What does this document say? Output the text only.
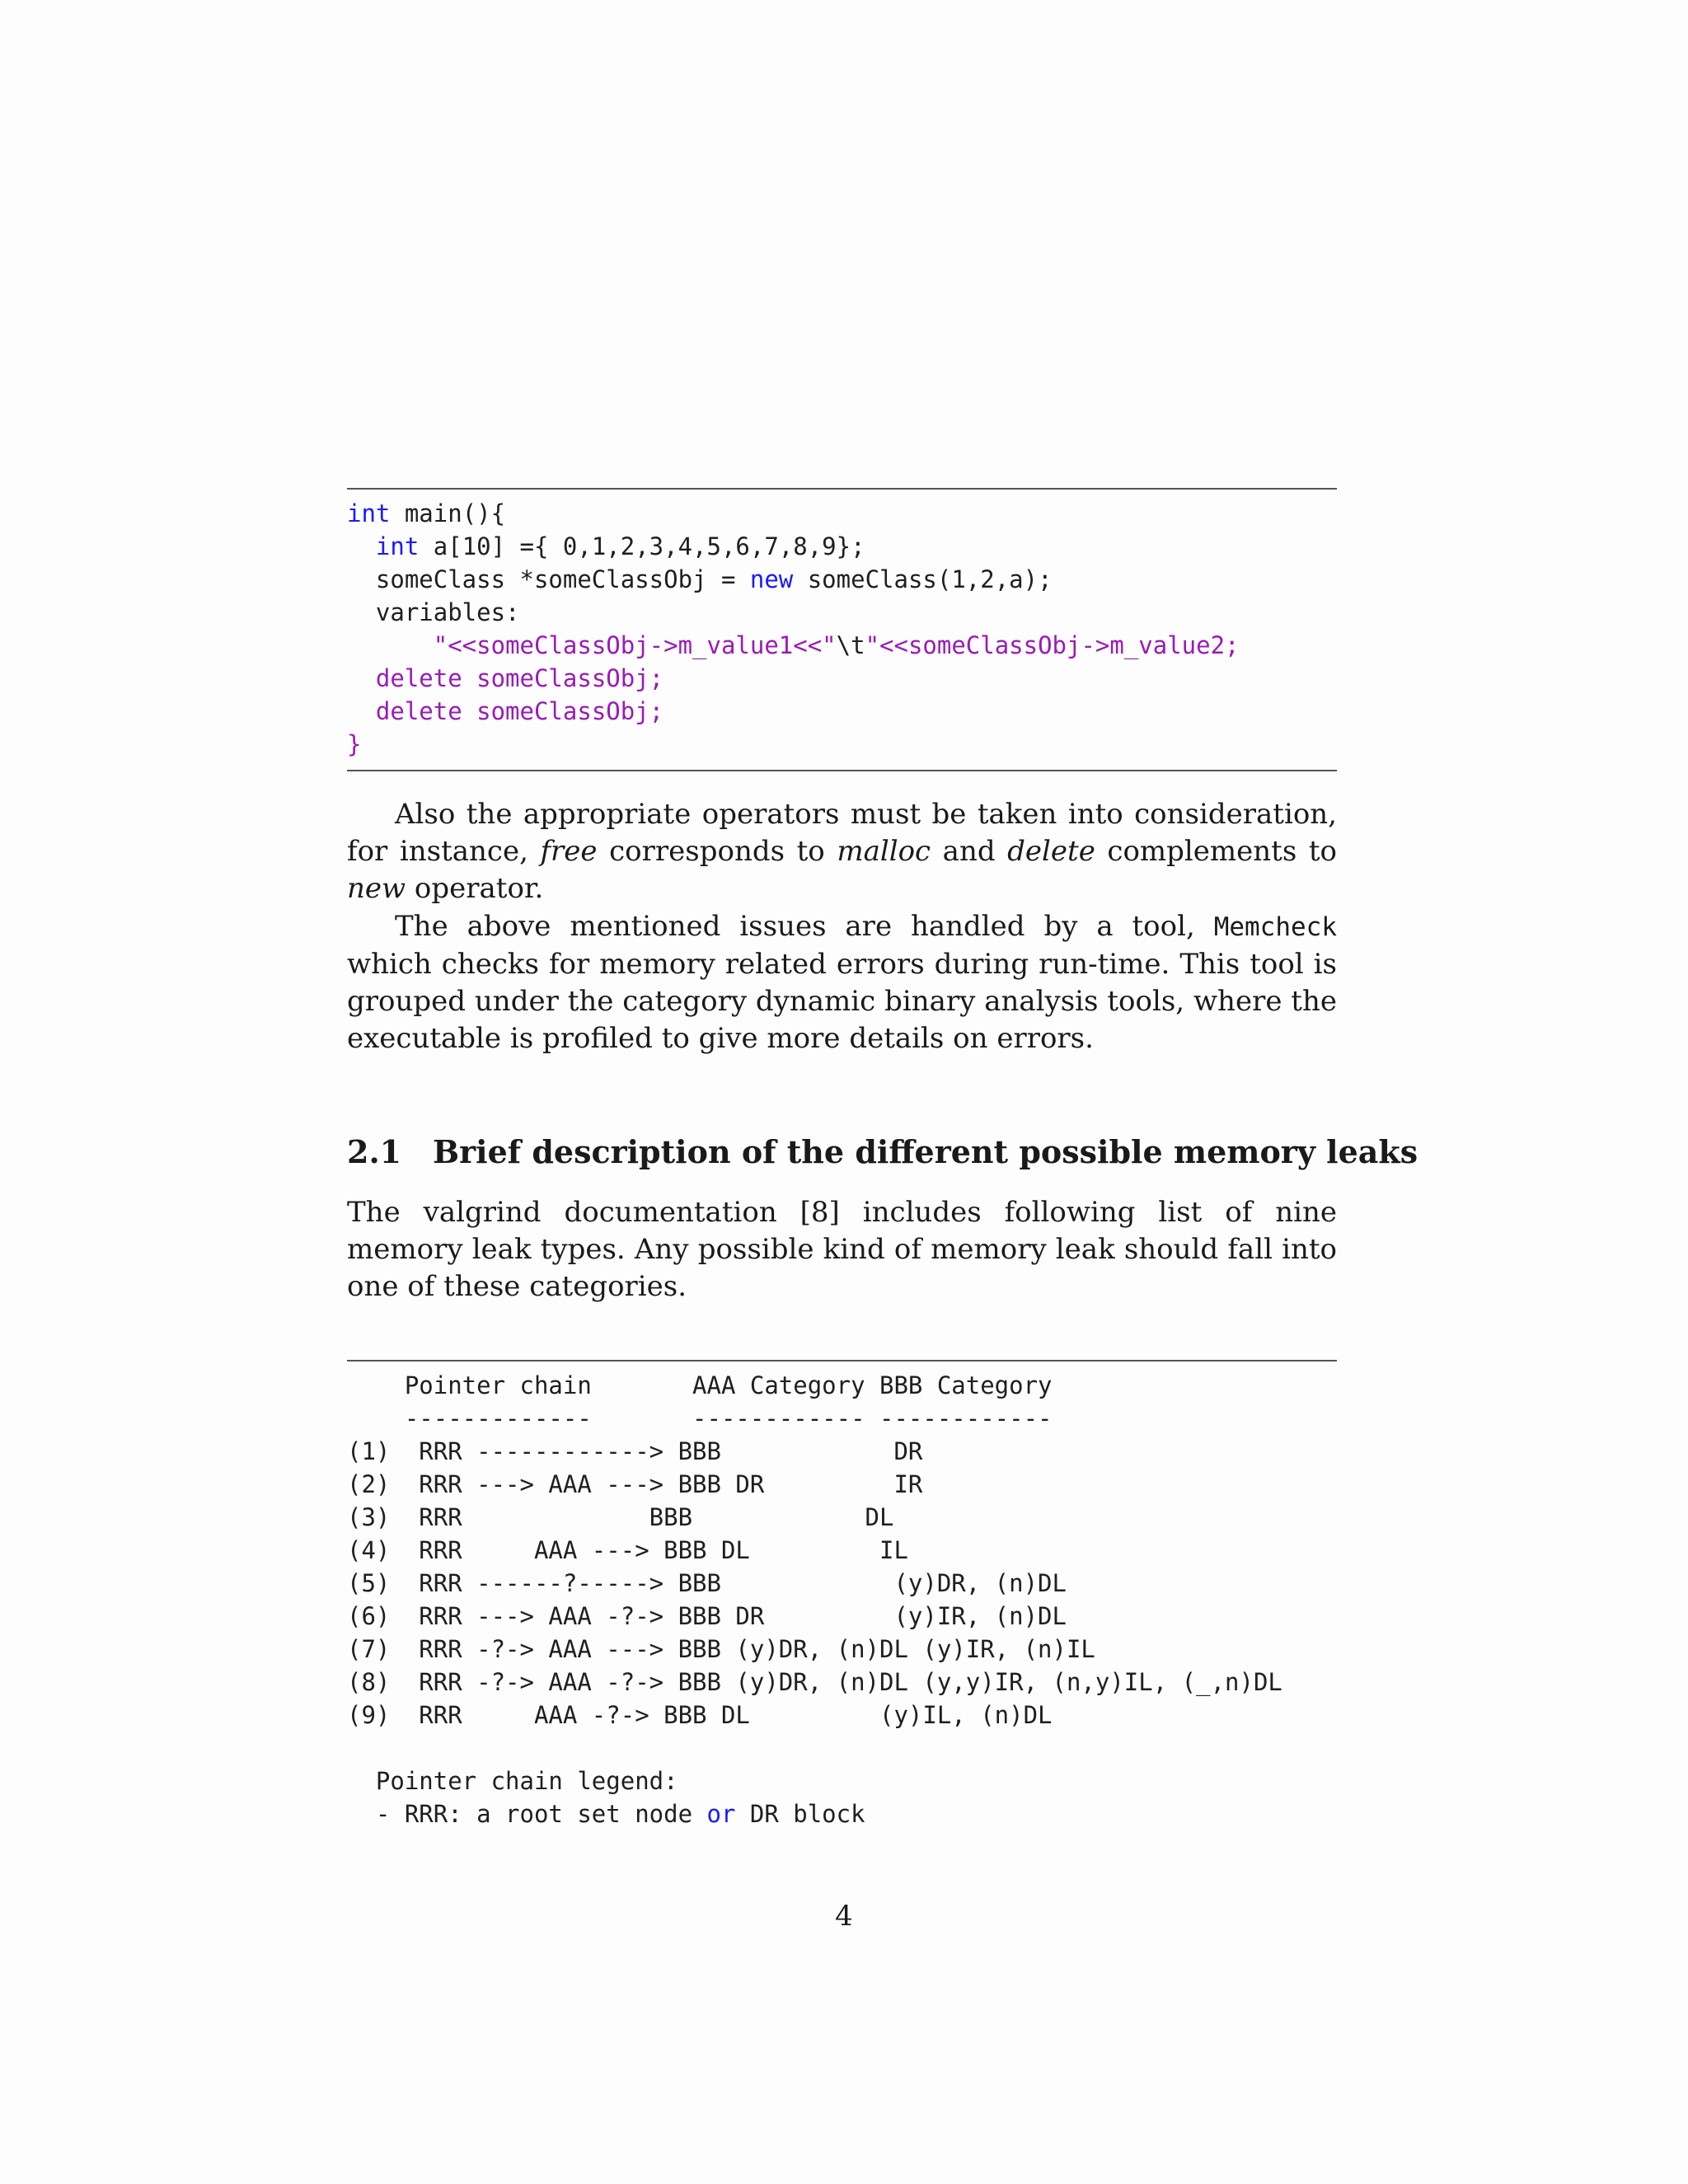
int main(){
int a[10] ={ 0,1,2,3,4,5,6,7,8,9};
someClass *someClassObj = new someClass(1,2,a);
variables:
"<<someClassObj->m_value1<<"\t"<<someClassObj->m_value2;
delete someClassObj;
delete someClassObj;
}

Also the appropriate operators must be taken into consideration, for instance, free corresponds to malloc and delete complements to new operator.

The above mentioned issues are handled by a tool, Memcheck which checks for memory related errors during run-time. This tool is grouped under the category dynamic binary analysis tools, where the executable is profiled to give more details on errors.

2.1 Brief description of the different possible memory leaks

The valgrind documentation [8] includes following list of nine memory leak types. Any possible kind of memory leak should fall into one of these categories.

Pointer chain       AAA Category BBB Category
-------------       ------------ ------------
(1)  RRR ------------> BBB            DR
(2)  RRR ---> AAA ---> BBB DR         IR
(3)  RRR             BBB            DL
(4)  RRR     AAA ---> BBB DL         IL
(5)  RRR ------?-----> BBB            (y)DR, (n)DL
(6)  RRR ---> AAA -?-> BBB DR         (y)IR, (n)DL
(7)  RRR -?-> AAA ---> BBB (y)DR, (n)DL (y)IR, (n)IL
(8)  RRR -?-> AAA -?-> BBB (y)DR, (n)DL (y,y)IR, (n,y)IL, (_,n)DL
(9)  RRR     AAA -?-> BBB DL         (y)IL, (n)DL
Pointer chain legend:
- RRR: a root set node or DR block
4
